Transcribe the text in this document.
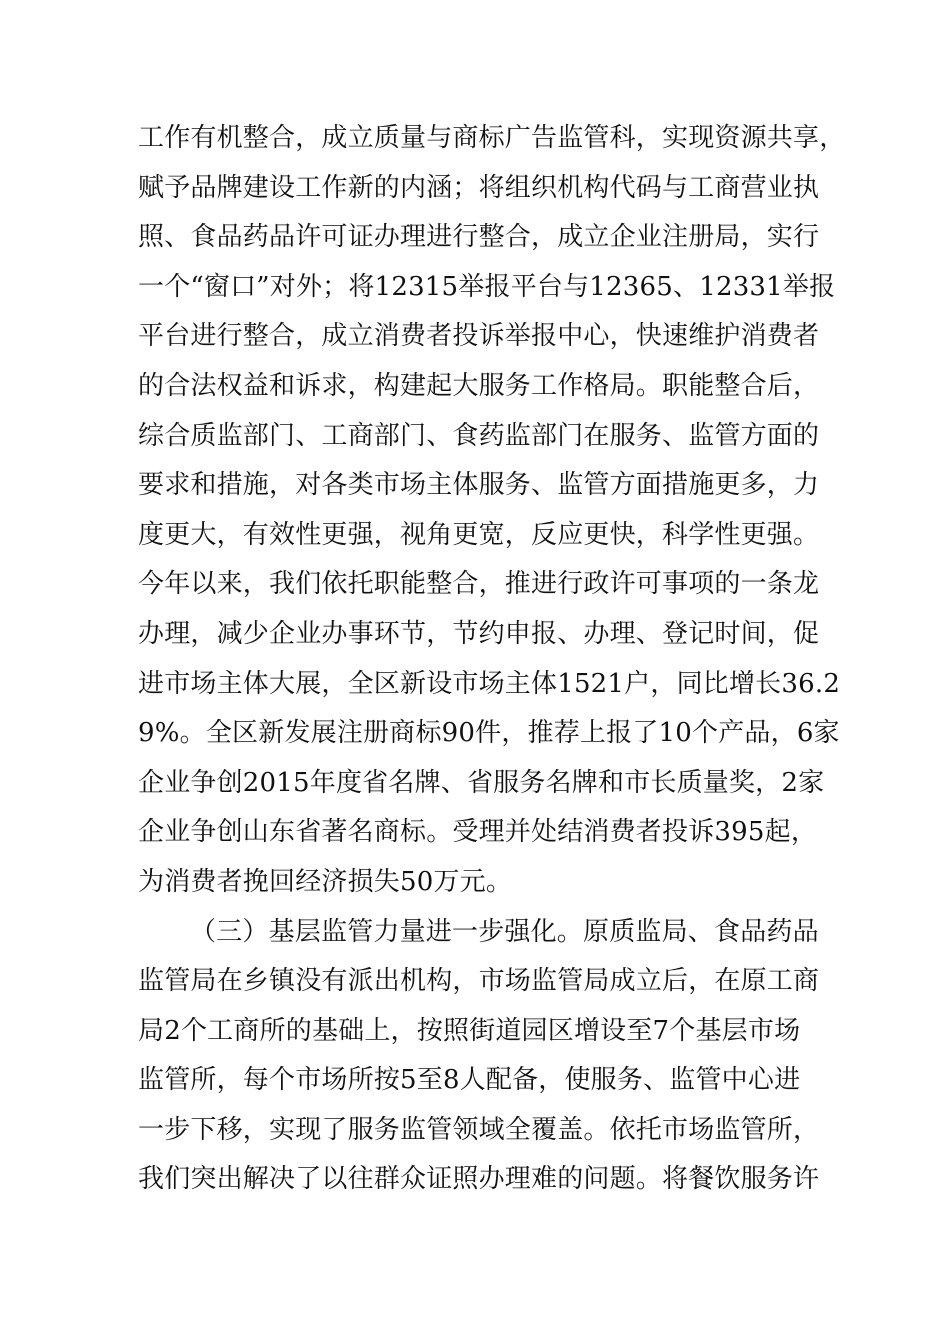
工作有机整合，成立质量与商标广告监管科，实现资源共享，
赋予品牌建设工作新的内涵；将组织机构代码与工商营业执
照、食品药品许可证办理进行整合，成立企业注册局，实行
一个“窗口”对外；将12315举报平台与12365、12331举报
平台进行整合，成立消费者投诉举报中心，快速维护消费者
的合法权益和诉求，构建起大服务工作格局。职能整合后，
综合质监部门、工商部门、食药监部门在服务、监管方面的
要求和措施，对各类市场主体服务、监管方面措施更多，力
度更大，有效性更强，视角更宽，反应更快，科学性更强。
今年以来，我们依托职能整合，推进行政许可事项的一条龙
办理，减少企业办事环节，节约申报、办理、登记时间，促
进市场主体大展，全区新设市场主体1521户，同比增长36.2
9%。全区新发展注册商标90件，推荐上报了10个产品，6家
企业争创2015年度省名牌、省服务名牌和市长质量奖，2家
企业争创山东省著名商标。受理并处结消费者投诉395起，
为消费者挽回经济损失50万元。
（三）基层监管力量进一步强化。原质监局、食品药品
监管局在乡镇没有派出机构，市场监管局成立后，在原工商
局2个工商所的基础上，按照街道园区增设至7个基层市场
监管所，每个市场所按5至8人配备，使服务、监管中心进
一步下移，实现了服务监管领域全覆盖。依托市场监管所，
我们突出解决了以往群众证照办理难的问题。将餐饮服务许
